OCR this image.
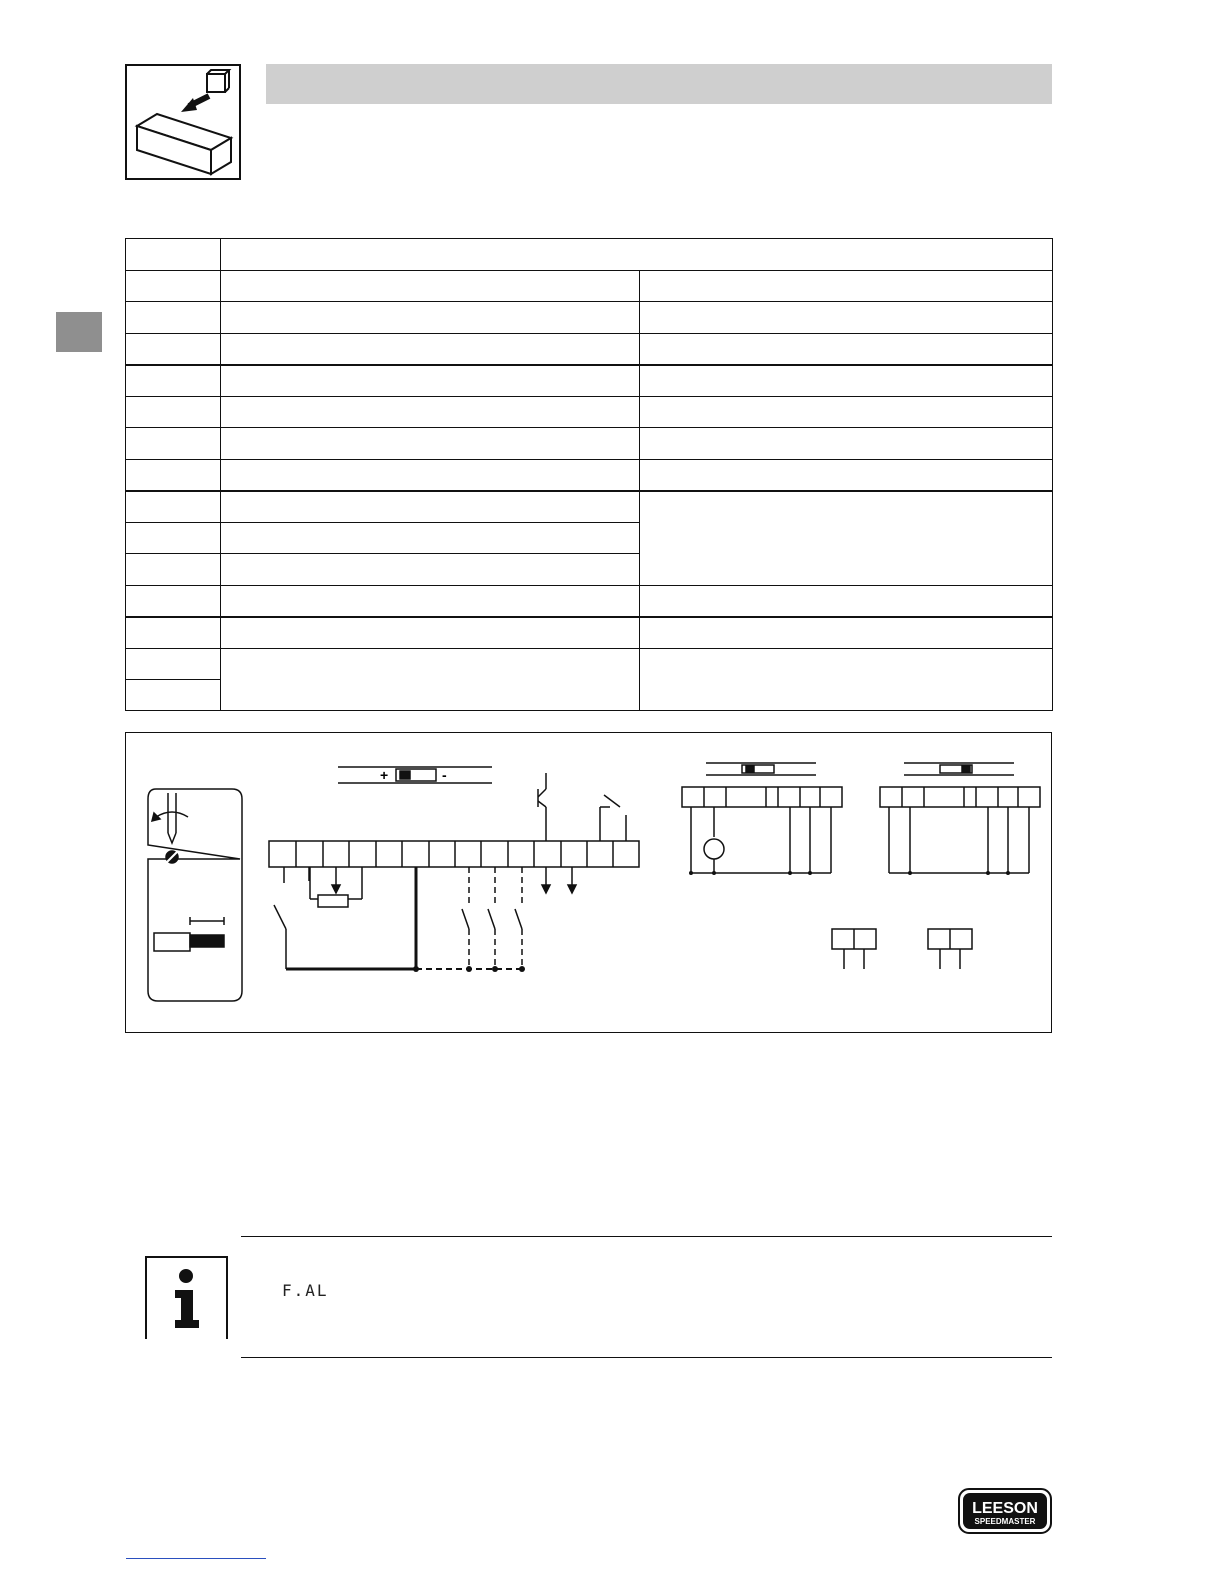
+	-
F.AL
LEESON
SPEEDMASTER
